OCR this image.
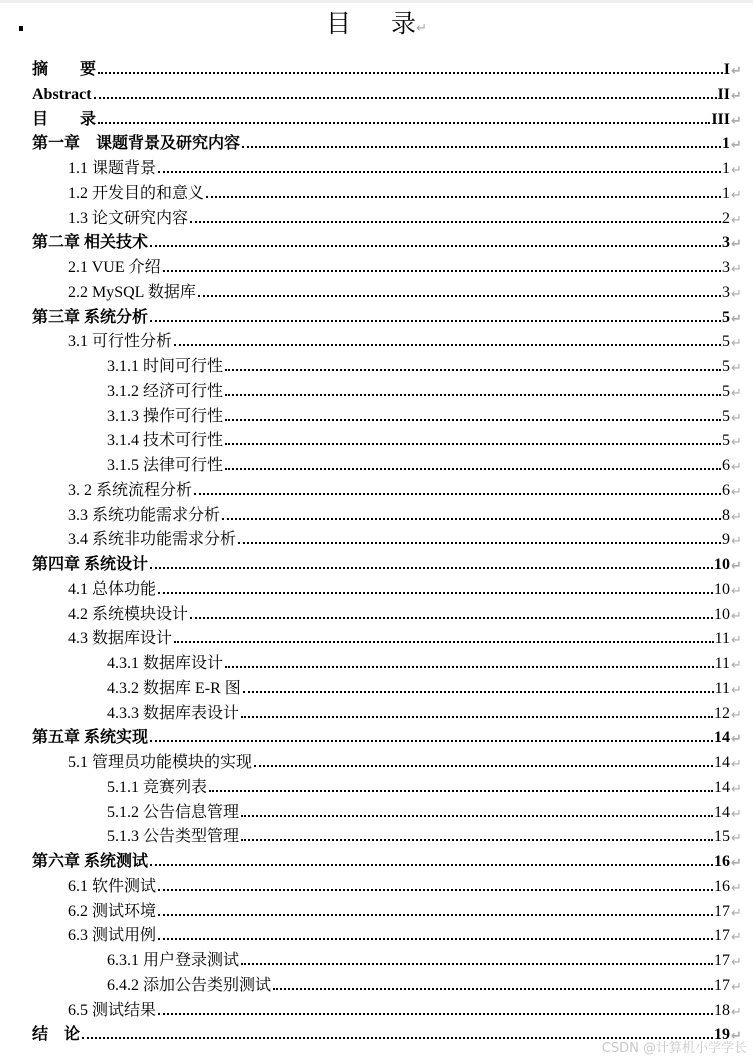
目 录↵
摘　　要	I ↵
Abstract	II ↵
目　　录	III ↵
第一章　课题背景及研究内容	1 ↵
1.1 课题背景	1 ↵
1.2 开发目的和意义	1 ↵
1.3 论文研究内容	2 ↵
第二章 相关技术	3 ↵
2.1 VUE 介绍	3 ↵
2.2 MySQL 数据库	3 ↵
第三章 系统分析	5 ↵
3.1 可行性分析	5 ↵
3.1.1 时间可行性	5 ↵
3.1.2 经济可行性	5 ↵
3.1.3 操作可行性	5 ↵
3.1.4 技术可行性	5 ↵
3.1.5 法律可行性	6 ↵
3. 2 系统流程分析	6 ↵
3.3 系统功能需求分析	8 ↵
3.4 系统非功能需求分析	9 ↵
第四章 系统设计	10 ↵
4.1 总体功能	10 ↵
4.2 系统模块设计	10 ↵
4.3 数据库设计	11 ↵
4.3.1 数据库设计	11 ↵
4.3.2 数据库 E-R 图	11 ↵
4.3.3 数据库表设计	12 ↵
第五章 系统实现	14 ↵
5.1 管理员功能模块的实现	14 ↵
5.1.1 竞赛列表	14 ↵
5.1.2 公告信息管理	14 ↵
5.1.3 公告类型管理	15 ↵
第六章 系统测试	16 ↵
6.1 软件测试	16 ↵
6.2 测试环境	17 ↵
6.3 测试用例	17 ↵
6.3.1 用户登录测试	17 ↵
6.4.2 添加公告类别测试	17 ↵
6.5 测试结果	18 ↵
结　论	19 ↵
CSDN @计算机小学学长
